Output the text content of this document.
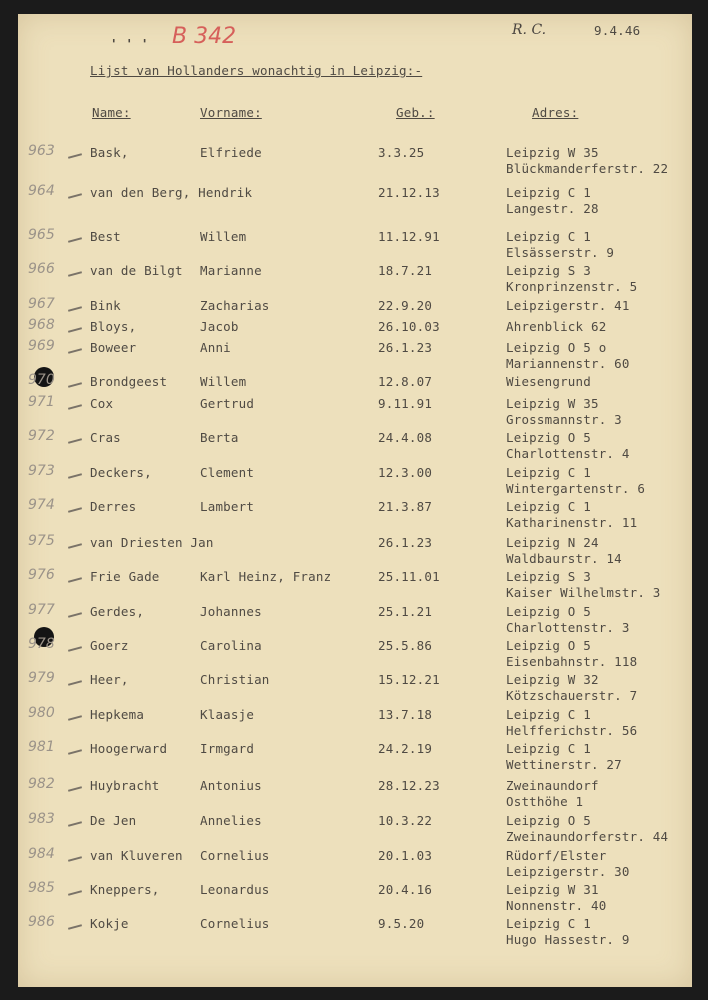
' ' ' B 342	R. C.	9.4.46
Lijst van Hollanders wonachtig in Leipzig:-
Name:	Vorname:	Geb.:	Adres:
963	Bask,	Elfriede	3.3.25	Leipzig W 35
Blückmanderferstr. 22
964	van den Berg, Hendrik	21.12.13	Leipzig C 1
Langestr. 28
965	Best	Willem	11.12.91	Leipzig C 1
Elsässerstr. 9
966	van de Bilgt Marianne	18.7.21	Leipzig S 3
Kronprinzenstr. 5
967	Bink	Zacharias	22.9.20	Leipzigerstr. 41
968	Bloys,	Jacob	26.10.03	Ahrenblick 62
969	Boweer	Anni	26.1.23	Leipzig O 5 o
Mariannenstr. 60
970	Brondgeest	Willem	12.8.07	Wiesengrund
971	Cox	Gertrud	9.11.91	Leipzig W 35
Grossmannstr. 3
972	Cras	Berta	24.4.08	Leipzig O 5
Charlottenstr. 4
973	Deckers,	Clement	12.3.00	Leipzig C 1
Wintergartenstr. 6
974	Derres	Lambert	21.3.87	Leipzig C 1
Katharinenstr. 11
975	van Driesten Jan	26.1.23	Leipzig N 24
Waldbaurstr. 14
976	Frie Gade	Karl Heinz, Franz	25.11.01	Leipzig S 3
Kaiser Wilhelmstr. 3
977	Gerdes,	Johannes	25.1.21	Leipzig O 5
Charlottenstr. 3
978	Goerz	Carolina	25.5.86	Leipzig O 5
Eisenbahnstr. 118
979	Heer,	Christian	15.12.21	Leipzig W 32
Kötzschauerstr. 7
980	Hepkema	Klaasje	13.7.18	Leipzig C 1
Helfferichstr. 56
981	Hoogerward	Irmgard	24.2.19	Leipzig C 1
Wettinerstr. 27
982	Huybracht	Antonius	28.12.23	Zweinaundorf
Ostthöhe 1
983	De Jen	Annelies	10.3.22	Leipzig O 5
Zweinaundorferstr. 44
984	van Kluveren Cornelius	20.1.03	Rüdorf/Elster
Leipzigerstr. 30
985	Kneppers,	Leonardus	20.4.16	Leipzig W 31
Nonnenstr. 40
986	Kokje	Cornelius	9.5.20	Leipzig C 1
Hugo Hassestr. 9
